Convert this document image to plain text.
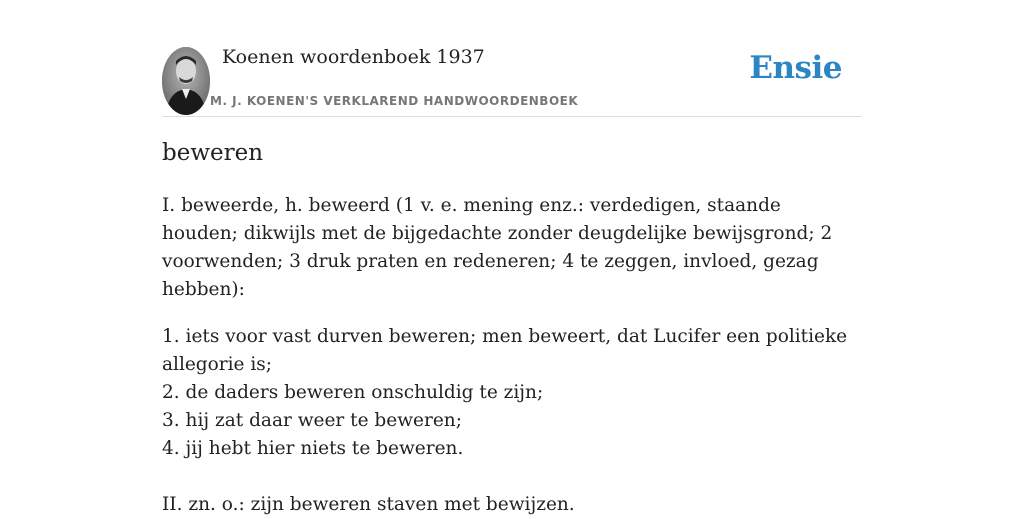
Koenen woordenboek 1937
M. J. KOENEN'S VERKLAREND HANDWOORDENBOEK
Ensie
beweren

I. beweerde, h. beweerd (1 v. e. mening enz.: verdedigen, staande houden; dikwijls met de bijgedachte zonder deugdelijke bewijsgrond; 2 voorwenden; 3 druk praten en redeneren; 4 te zeggen, invloed, gezag hebben):

1. iets voor vast durven beweren; men beweert, dat Lucifer een politieke allegorie is;
2. de daders beweren onschuldig te zijn;
3. hij zat daar weer te beweren;
4. jij hebt hier niets te beweren.

II. zn. o.: zijn beweren staven met bewijzen.
